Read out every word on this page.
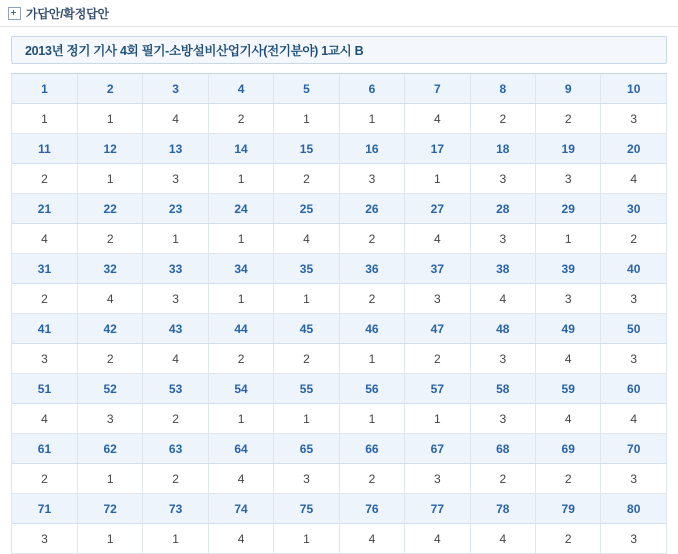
가답안/확정답안
2013년 정기 기사 4회 필기-소방설비산업기사(전기분야) 1교시 B
1	2	3	4	5	6	7	8	9	10
1	1	4	2	1	1	4	2	2	3
11	12	13	14	15	16	17	18	19	20
2	1	3	1	2	3	1	3	3	4
21	22	23	24	25	26	27	28	29	30
4	2	1	1	4	2	4	3	1	2
31	32	33	34	35	36	37	38	39	40
2	4	3	1	1	2	3	4	3	3
41	42	43	44	45	46	47	48	49	50
3	2	4	2	2	1	2	3	4	3
51	52	53	54	55	56	57	58	59	60
4	3	2	1	1	1	1	3	4	4
61	62	63	64	65	66	67	68	69	70
2	1	2	4	3	2	3	2	2	3
71	72	73	74	75	76	77	78	79	80
3	1	1	4	1	4	4	4	2	3
